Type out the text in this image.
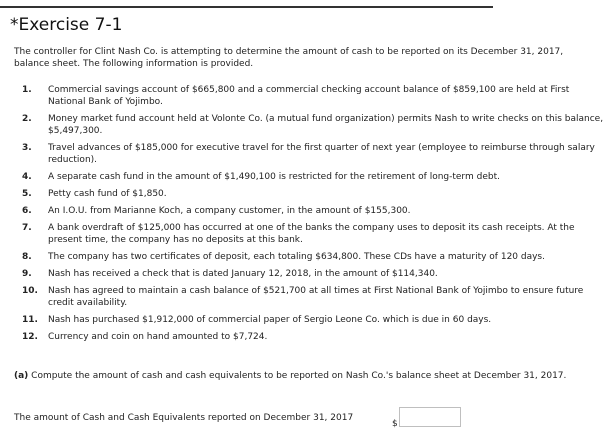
*Exercise 7-1
The controller for Clint Nash Co. is attempting to determine the amount of cash to be reported on its December 31, 2017, balance sheet. The following information is provided.
1. Commercial savings account of $665,800 and a commercial checking account balance of $859,100 are held at First National Bank of Yojimbo.
2. Money market fund account held at Volonte Co. (a mutual fund organization) permits Nash to write checks on this balance, $5,497,300.
3. Travel advances of $185,000 for executive travel for the first quarter of next year (employee to reimburse through salary reduction).
4. A separate cash fund in the amount of $1,490,100 is restricted for the retirement of long-term debt.
5. Petty cash fund of $1,850.
6. An I.O.U. from Marianne Koch, a company customer, in the amount of $155,300.
7. A bank overdraft of $125,000 has occurred at one of the banks the company uses to deposit its cash receipts. At the present time, the company has no deposits at this bank.
8. The company has two certificates of deposit, each totaling $634,800. These CDs have a maturity of 120 days.
9. Nash has received a check that is dated January 12, 2018, in the amount of $114,340.
10. Nash has agreed to maintain a cash balance of $521,700 at all times at First National Bank of Yojimbo to ensure future credit availability.
11. Nash has purchased $1,912,000 of commercial paper of Sergio Leone Co. which is due in 60 days.
12. Currency and coin on hand amounted to $7,724.
(a) Compute the amount of cash and cash equivalents to be reported on Nash Co.'s balance sheet at December 31, 2017.
The amount of Cash and Cash Equivalents reported on December 31, 2017
$
